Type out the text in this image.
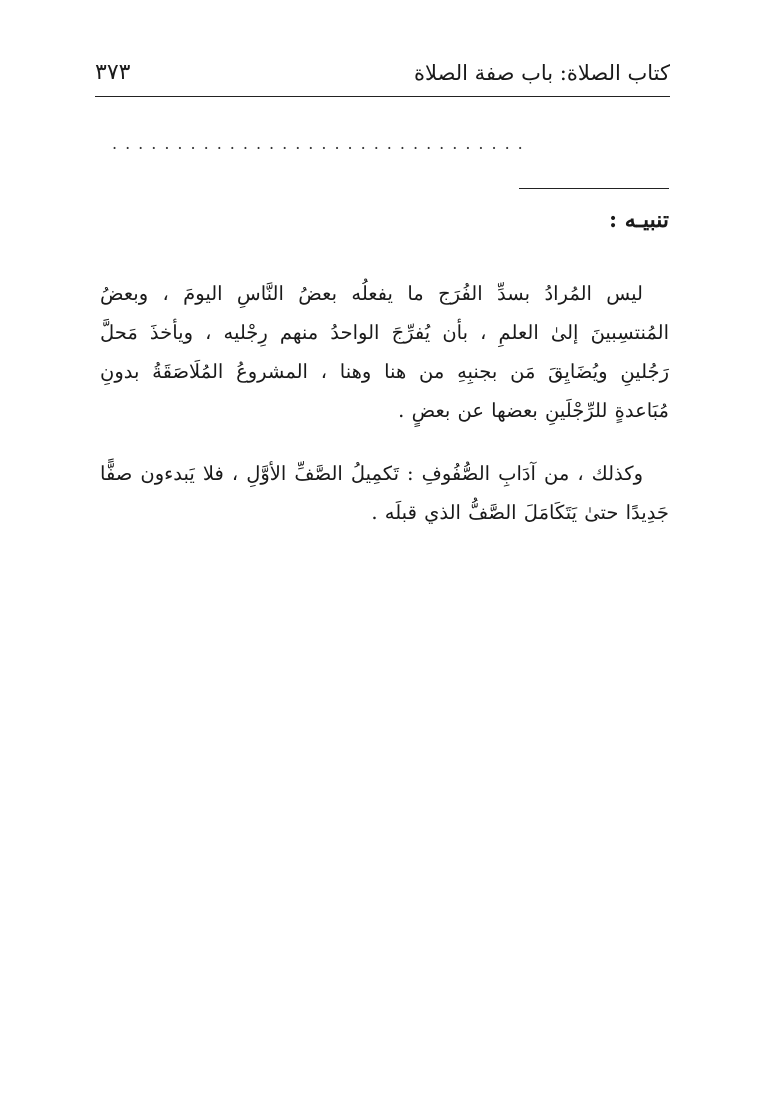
كتاب الصلاة: باب صفة الصلاة
٣٧٣
................................
تنبيـه :

ليس المُرادُ بسدِّ الفُرَج ما يفعلُه بعضُ النَّاسِ اليومَ ، وبعضُ المُنتسِبينَ إلىٰ العلمِ ، بأن يُفرِّجَ الواحدُ منهم رِجْليه ، ويأخذَ مَحلَّ رَجُلينِ ويُضَايِقَ مَن بجنبِهِ من هنا وهنا ، المشروعُ المُلَاصَقَةُ بدونِ مُبَاعدةٍ للرِّجْلَينِ بعضها عن بعضٍ .

وكذلك ، من آدَابِ الصُّفُوفِ : تَكمِيلُ الصَّفِّ الأوَّلِ ، فلا يَبدءون صفًّا جَدِيدًا حتىٰ يَتَكَامَلَ الصَّفُّ الذي قبلَه .
